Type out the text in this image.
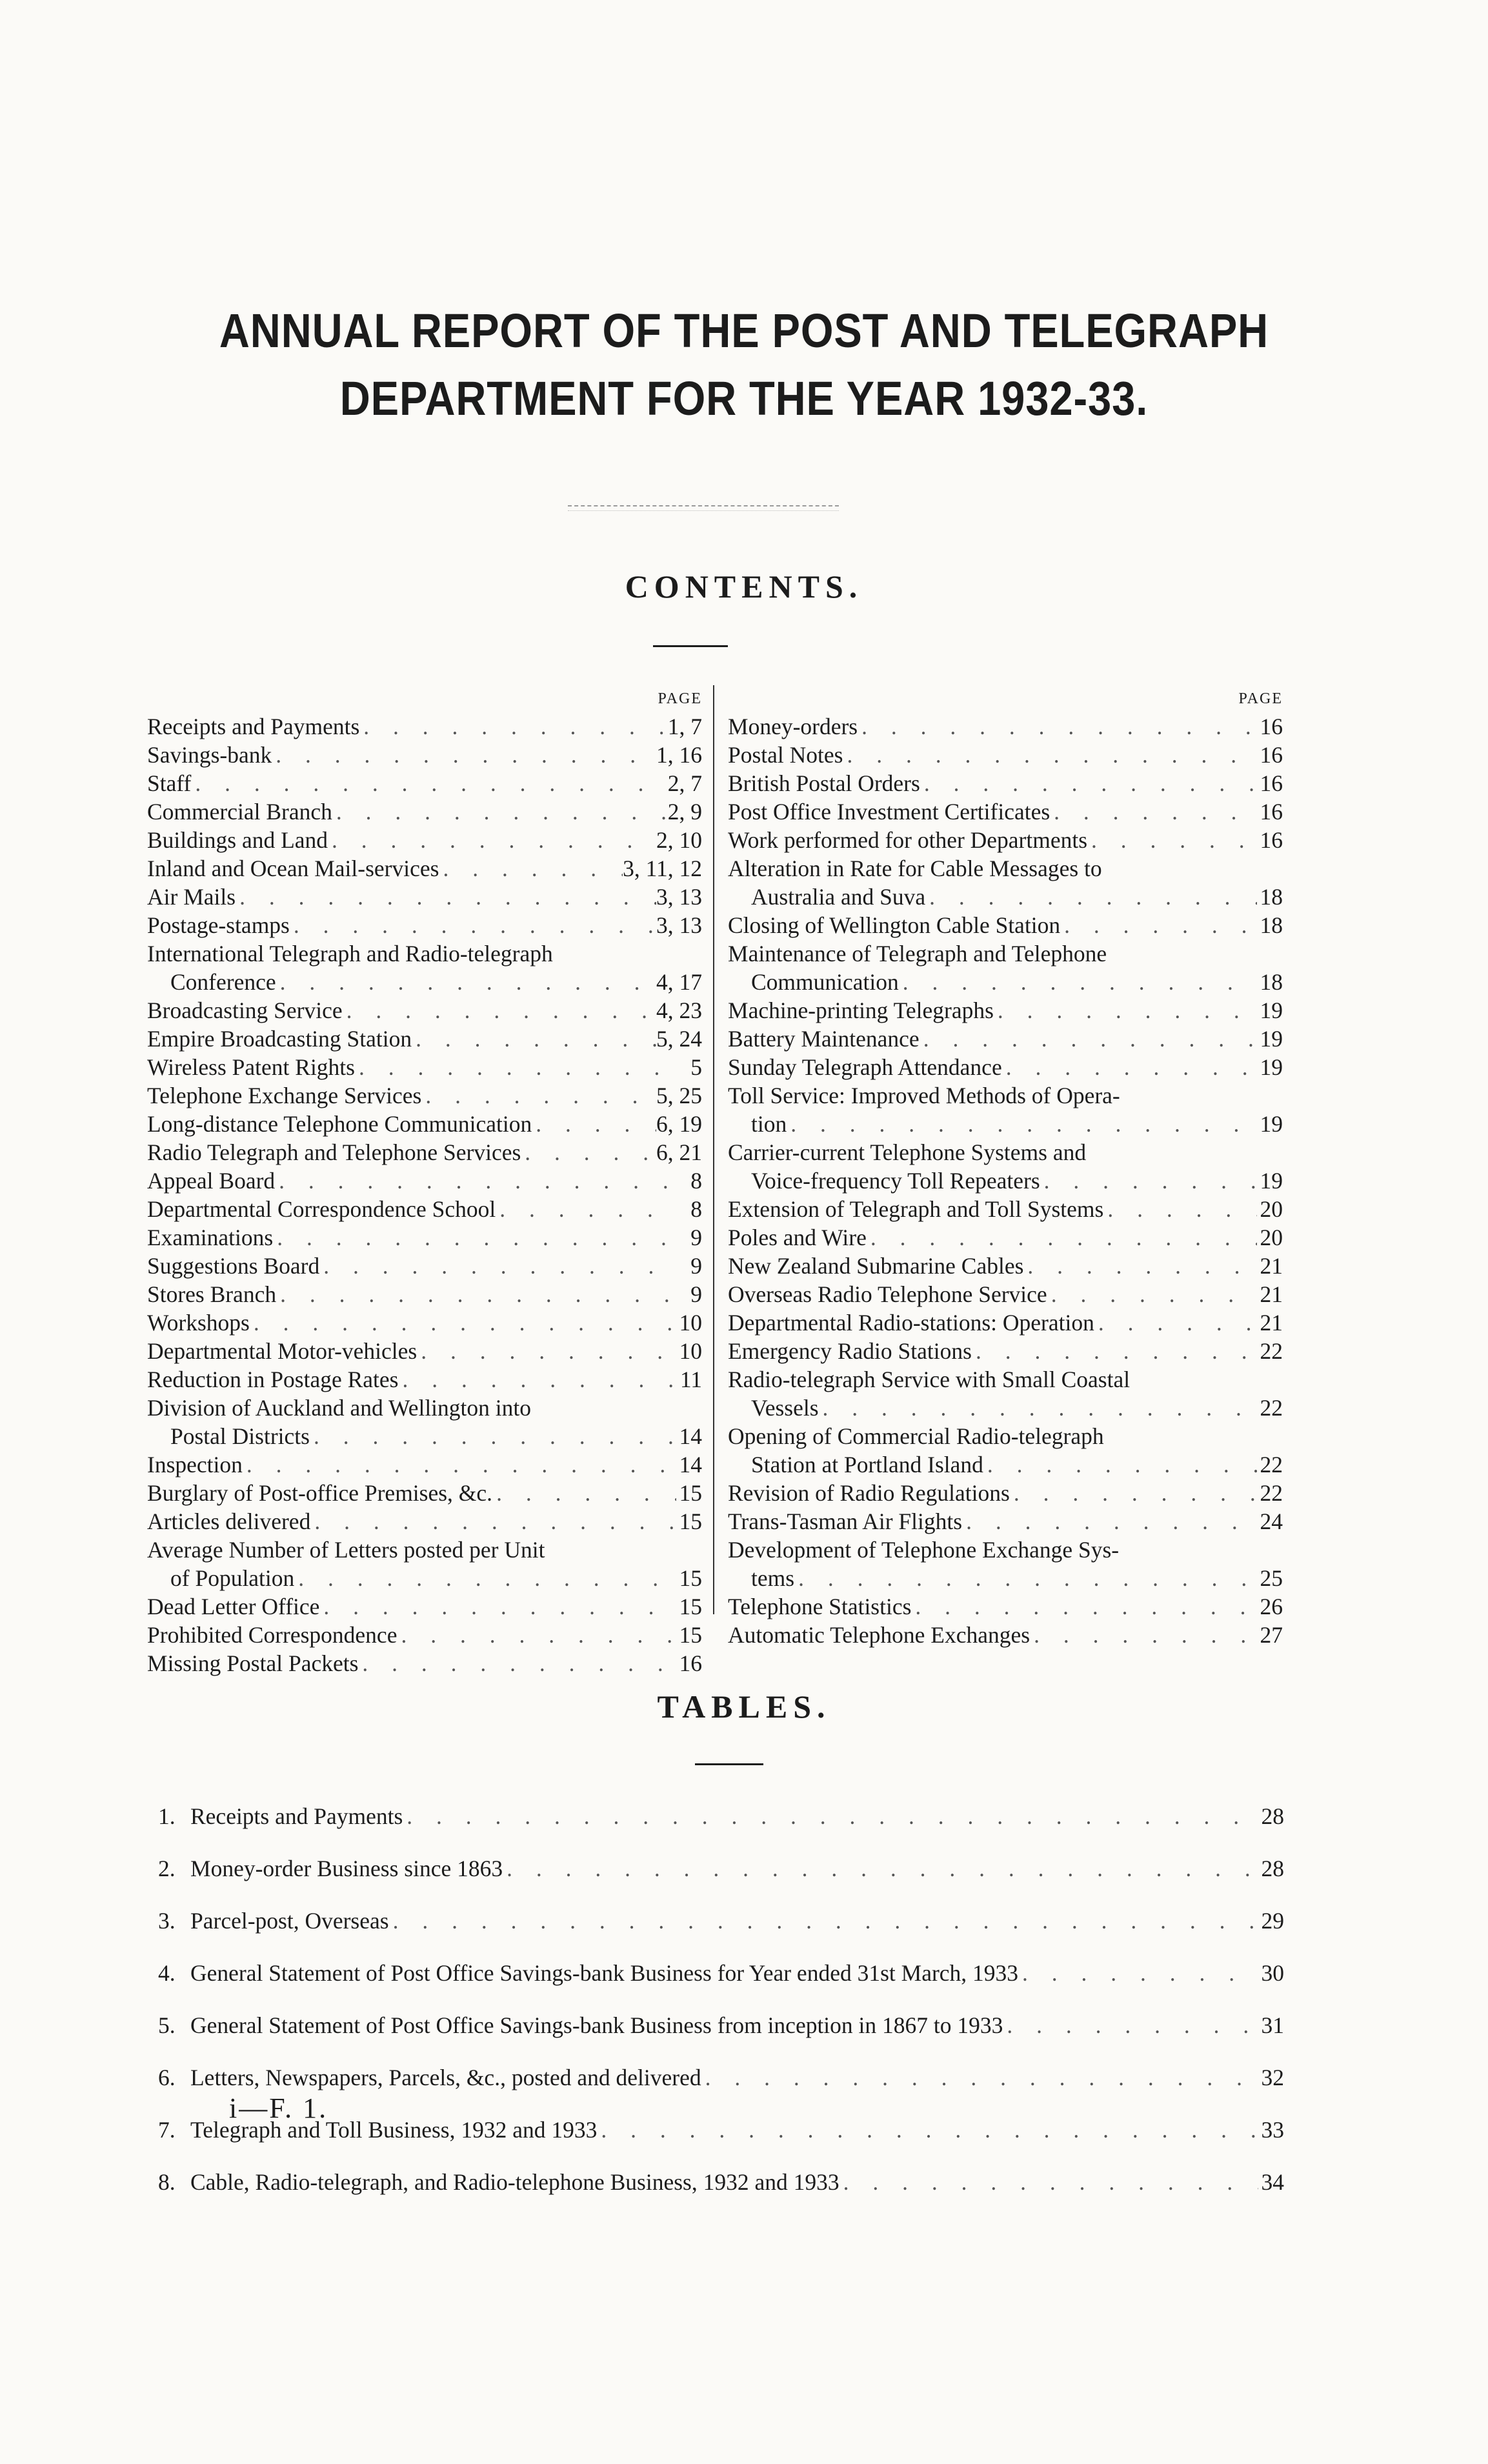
ANNUAL REPORT OF THE POST AND TELEGRAPH
DEPARTMENT FOR THE YEAR 1932-33.
CONTENTS.
PAGE
Receipts and Payments . . .	1, 7
Savings-bank . . .	1, 16
Staff . . .	2, 7
Commercial Branch . . .	2, 9
Buildings and Land . . .	2, 10
Inland and Ocean Mail-services . . .	3, 11, 12
Air Mails . . .	3, 13
Postage-stamps . . .	3, 13
International Telegraph and Radio-telegraph
Conference . . .	4, 17
Broadcasting Service . . .	4, 23
Empire Broadcasting Station . . .	5, 24
Wireless Patent Rights . . .	5
Telephone Exchange Services . . .	5, 25
Long-distance Telephone Communication . . .	6, 19
Radio Telegraph and Telephone Services . . .	6, 21
Appeal Board . . .	8
Departmental Correspondence School . . .	8
Examinations . . .	9
Suggestions Board . . .	9
Stores Branch . . .	9
Workshops . . .	10
Departmental Motor-vehicles . . .	10
Reduction in Postage Rates . . .	11
Division of Auckland and Wellington into
Postal Districts . . .	14
Inspection . . .	14
Burglary of Post-office Premises, &c. . . .	15
Articles delivered . . .	15
Average Number of Letters posted per Unit
of Population . . .	15
Dead Letter Office . . .	15
Prohibited Correspondence . . .	15
Missing Postal Packets . . .	16
PAGE
Money-orders . . .	16
Postal Notes . . .	16
British Postal Orders . . .	16
Post Office Investment Certificates . . .	16
Work performed for other Departments . . .	16
Alteration in Rate for Cable Messages to
Australia and Suva . . .	18
Closing of Wellington Cable Station . . .	18
Maintenance of Telegraph and Telephone
Communication . . .	18
Machine-printing Telegraphs . . .	19
Battery Maintenance . . .	19
Sunday Telegraph Attendance . . .	19
Toll Service: Improved Methods of Opera-
tion . . .	19
Carrier-current Telephone Systems and
Voice-frequency Toll Repeaters . . .	19
Extension of Telegraph and Toll Systems . . .	20
Poles and Wire . . .	20
New Zealand Submarine Cables . . .	21
Overseas Radio Telephone Service . . .	21
Departmental Radio-stations: Operation . . .	21
Emergency Radio Stations . . .	22
Radio-telegraph Service with Small Coastal
Vessels . . .	22
Opening of Commercial Radio-telegraph
Station at Portland Island . . .	22
Revision of Radio Regulations . . .	22
Trans-Tasman Air Flights . . .	24
Development of Telephone Exchange Sys-
tems . . .	25
Telephone Statistics . . .	26
Automatic Telephone Exchanges . . .	27
TABLES.
1. Receipts and Payments . . .	28
2. Money-order Business since 1863 . . .	28
3. Parcel-post, Overseas . . .	29
4. General Statement of Post Office Savings-bank Business for Year ended 31st March, 1933 . . .	30
5. General Statement of Post Office Savings-bank Business from inception in 1867 to 1933 . . .	31
6. Letters, Newspapers, Parcels, &c., posted and delivered . . .	32
7. Telegraph and Toll Business, 1932 and 1933 . . .	33
8. Cable, Radio-telegraph, and Radio-telephone Business, 1932 and 1933 . . .	34
i—F. 1.
